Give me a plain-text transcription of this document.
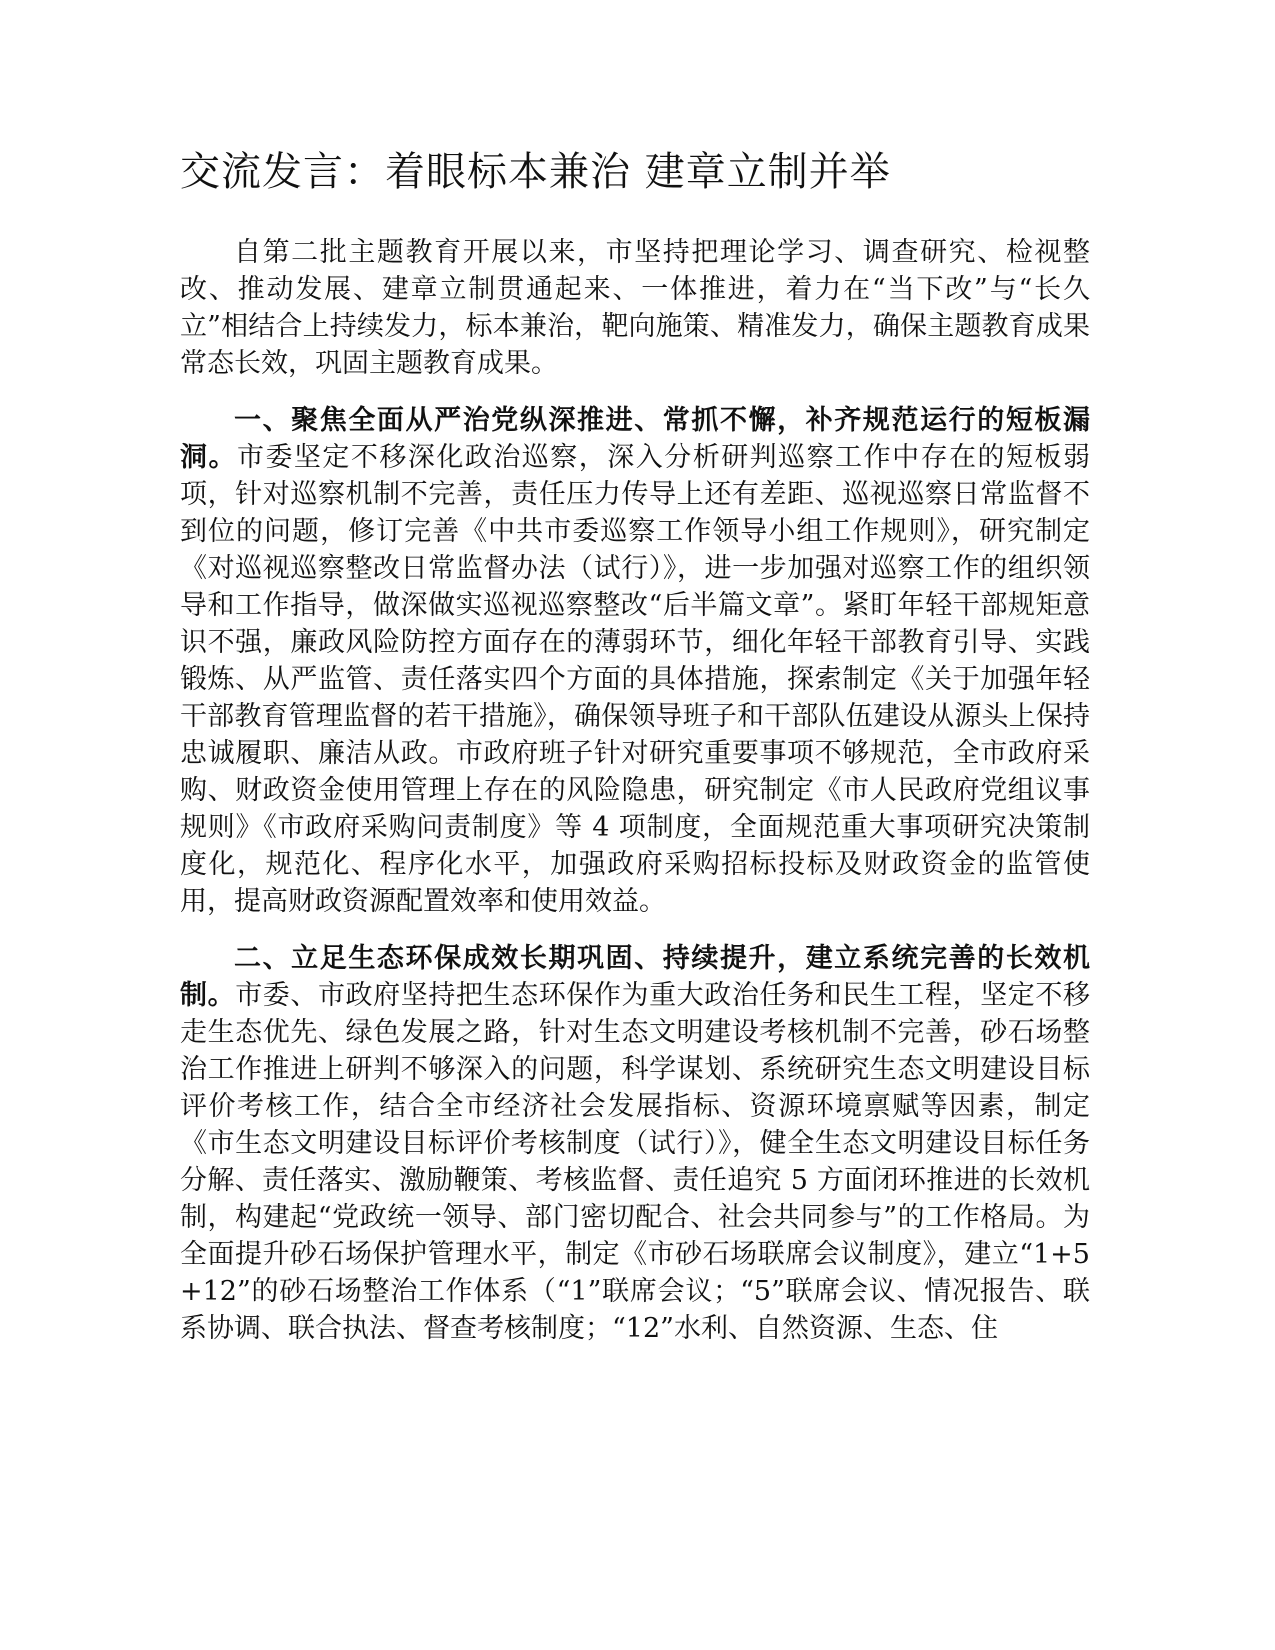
交流发言：着眼标本兼治 建章立制并举

自第二批主题教育开展以来，市坚持把理论学习、调查研究、检视整改、推动发展、建章立制贯通起来、一体推进，着力在“当下改”与“长久立”相结合上持续发力，标本兼治，靶向施策、精准发力，确保主题教育成果常态长效，巩固主题教育成果。

一、聚焦全面从严治党纵深推进、常抓不懈，补齐规范运行的短板漏洞。市委坚定不移深化政治巡察，深入分析研判巡察工作中存在的短板弱项，针对巡察机制不完善，责任压力传导上还有差距、巡视巡察日常监督不到位的问题，修订完善《中共市委巡察工作领导小组工作规则》，研究制定《对巡视巡察整改日常监督办法（试行）》，进一步加强对巡察工作的组织领导和工作指导，做深做实巡视巡察整改“后半篇文章”。紧盯年轻干部规矩意识不强，廉政风险防控方面存在的薄弱环节，细化年轻干部教育引导、实践锻炼、从严监管、责任落实四个方面的具体措施，探索制定《关于加强年轻干部教育管理监督的若干措施》，确保领导班子和干部队伍建设从源头上保持忠诚履职、廉洁从政。市政府班子针对研究重要事项不够规范，全市政府采购、财政资金使用管理上存在的风险隐患，研究制定《市人民政府党组议事规则》《市政府采购问责制度》等 4 项制度，全面规范重大事项研究决策制度化，规范化、程序化水平，加强政府采购招标投标及财政资金的监管使用，提高财政资源配置效率和使用效益。

二、立足生态环保成效长期巩固、持续提升，建立系统完善的长效机制。市委、市政府坚持把生态环保作为重大政治任务和民生工程，坚定不移走生态优先、绿色发展之路，针对生态文明建设考核机制不完善，砂石场整治工作推进上研判不够深入的问题，科学谋划、系统研究生态文明建设目标评价考核工作，结合全市经济社会发展指标、资源环境禀赋等因素，制定《市生态文明建设目标评价考核制度（试行）》，健全生态文明建设目标任务分解、责任落实、激励鞭策、考核监督、责任追究 5 方面闭环推进的长效机制，构建起“党政统一领导、部门密切配合、社会共同参与”的工作格局。为全面提升砂石场保护管理水平，制定《市砂石场联席会议制度》，建立“1+5+12”的砂石场整治工作体系（“1”联席会议；“5”联席会议、情况报告、联系协调、联合执法、督查考核制度；“12”水利、自然资源、生态、住
